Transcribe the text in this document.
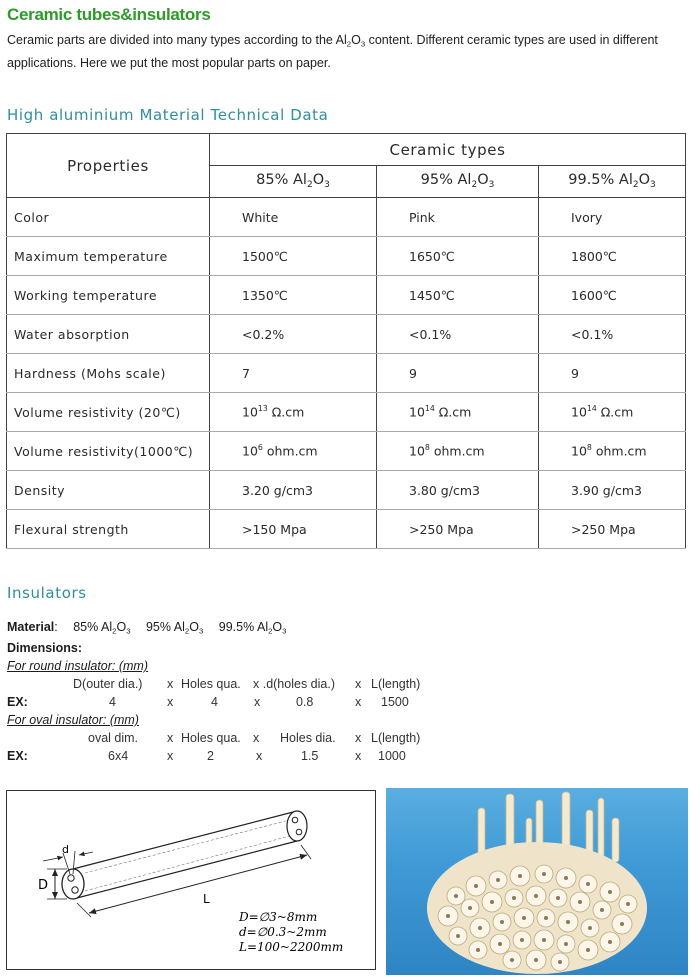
Ceramic tubes&insulators
Ceramic parts are divided into many types according to the $Al_2O_3$ content. Different ceramic types are used in different applications. Here we put the most popular parts on paper.
High aluminium Material Technical Data
Properties	Ceramic types		
	85% $Al_2O_3$	95% $Al_2O_3$	99.5% $Al_2O_3$
Color	White	Pink	Ivory
Maximum temperature	1500℃	1650℃	1800℃
Working temperature	1350℃	1450℃	1600℃
Water absorption	<0.2%	<0.1%	<0.1%
Hardness (Mohs scale)	7	9	9
Volume resistivity (20℃)	$10^{13}$ Ω.cm	$10^{14}$ Ω.cm	$10^{14}$ Ω.cm
Volume resistivity(1000℃)	$10^6$ ohm.cm	$10^8$ ohm.cm	$10^8$ ohm.cm
Density	3.20 g/cm3	3.80 g/cm3	3.90 g/cm3
Flexural strength	>150 Mpa	>250 Mpa	>250 Mpa
Insulators
Material: 85% $Al_2O_3$ 95% $Al_2O_3$ 99.5% $Al_2O_3$
Dimensions:
For round insulator: (mm)
D(outer dia.) x Holes qua. x .d(holes dia.) x L(length)
EX:	4	x	4	x	0.8	x 1500
For oval insulator: (mm)
oval dim. x Holes qua. x Holes dia. x L(length)
EX:	6x4	x	2	x	1.5	x 1000
d
D
L
D=∅3~8mm
d=∅0.3~2mm
L=100~2200mm
